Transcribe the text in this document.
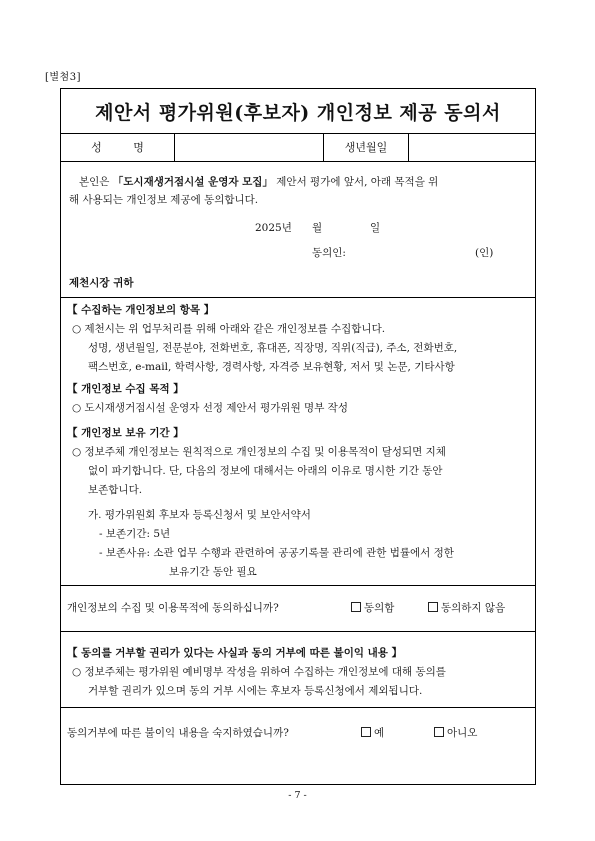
[별첨3]
제안서 평가위원(후보자) 개인정보 제공 동의서
성 명	생년월일
본인은 「도시재생거점시설 운영자 모집」 제안서 평가에 앞서, 아래 목적을 위
해 사용되는 개인정보 제공에 동의합니다.
2025년 월	일
동의인:	(인)
제천시장 귀하
【 수집하는 개인정보의 항목 】
○ 제천시는 위 업무처리를 위해 아래와 같은 개인정보를 수집합니다.
성명, 생년월일, 전문분야, 전화번호, 휴대폰, 직장명, 직위(직급), 주소, 전화번호,
팩스번호, e-mail, 학력사항, 경력사항, 자격증 보유현황, 저서 및 논문, 기타사항
【 개인정보 수집 목적 】
○ 도시재생거점시설 운영자 선정 제안서 평가위원 명부 작성
【 개인정보 보유 기간 】
○ 정보주체 개인정보는 원칙적으로 개인정보의 수집 및 이용목적이 달성되면 지체
없이 파기합니다. 단, 다음의 정보에 대해서는 아래의 이유로 명시한 기간 동안
보존합니다.
가. 평가위원회 후보자 등록신청서 및 보안서약서
- 보존기간: 5년
- 보존사유: 소관 업무 수행과 관련하여 공공기록물 관리에 관한 법률에서 정한
보유기간 동안 필요
개인정보의 수집 및 이용목적에 동의하십니까?	동의함	동의하지 않음
【 동의를 거부할 권리가 있다는 사실과 동의 거부에 따른 불이익 내용 】
○ 정보주체는 평가위원 예비명부 작성을 위하여 수집하는 개인정보에 대해 동의를
거부할 권리가 있으며 동의 거부 시에는 후보자 등록신청에서 제외됩니다.
동의거부에 따른 불이익 내용을 숙지하였습니까?	예	아니오
- 7 -
